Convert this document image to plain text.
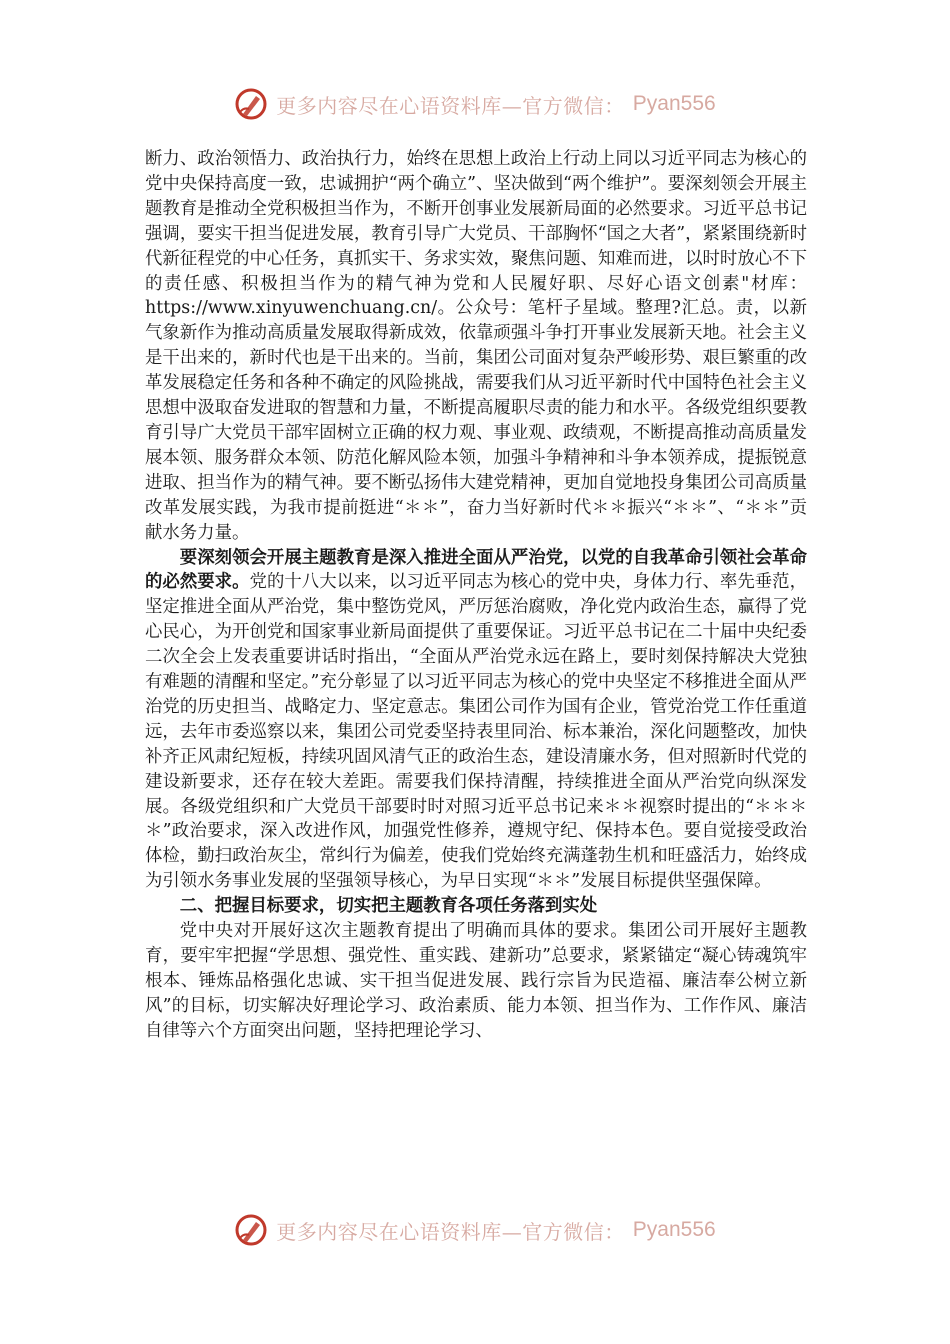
更多内容尽在心语资料库—官方微信： Pyan556

断力、政治领悟力、政治执行力，始终在思想上政治上行动上同以习近平同志为核心的党中央保持高度一致，忠诚拥护“两个确立”、坚决做到“两个维护”。要深刻领会开展主题教育是推动全党积极担当作为，不断开创事业发展新局面的必然要求。习近平总书记强调，要实干担当促进发展，教育引导广大党员、干部胸怀“国之大者”，紧紧围绕新时代新征程党的中心任务，真抓实干、务求实效，聚焦问题、知难而进，以时时放心不下的责任感、积极担当作为的精气神为党和人民履好职、尽好心语文创素"材库：https://www.xinyuwenchuang.cn/。公众号：笔杆子星域。整理?汇总。责，以新气象新作为推动高质量发展取得新成效，依靠顽强斗争打开事业发展新天地。社会主义是干出来的，新时代也是干出来的。当前，集团公司面对复杂严峻形势、艰巨繁重的改革发展稳定任务和各种不确定的风险挑战，需要我们从习近平新时代中国特色社会主义思想中汲取奋发进取的智慧和力量，不断提高履职尽责的能力和水平。各级党组织要教育引导广大党员干部牢固树立正确的权力观、事业观、政绩观，不断提高推动高质量发展本领、服务群众本领、防范化解风险本领，加强斗争精神和斗争本领养成，提振锐意进取、担当作为的精气神。要不断弘扬伟大建党精神，更加自觉地投身集团公司高质量改革发展实践，为我市提前挺进“＊＊”，奋力当好新时代＊＊振兴“＊＊”、“＊＊”贡献水务力量。

要深刻领会开展主题教育是深入推进全面从严治党，以党的自我革命引领社会革命的必然要求。党的十八大以来，以习近平同志为核心的党中央，身体力行、率先垂范，坚定推进全面从严治党，集中整饬党风，严厉惩治腐败，净化党内政治生态，赢得了党心民心，为开创党和国家事业新局面提供了重要保证。习近平总书记在二十届中央纪委二次全会上发表重要讲话时指出，“全面从严治党永远在路上，要时刻保持解决大党独有难题的清醒和坚定。”充分彰显了以习近平同志为核心的党中央坚定不移推进全面从严治党的历史担当、战略定力、坚定意志。集团公司作为国有企业，管党治党工作任重道远，去年市委巡察以来，集团公司党委坚持表里同治、标本兼治，深化问题整改，加快补齐正风肃纪短板，持续巩固风清气正的政治生态，建设清廉水务，但对照新时代党的建设新要求，还存在较大差距。需要我们保持清醒，持续推进全面从严治党向纵深发展。各级党组织和广大党员干部要时时对照习近平总书记来＊＊视察时提出的“＊＊＊＊”政治要求，深入改进作风，加强党性修养，遵规守纪、保持本色。要自觉接受政治体检，勤扫政治灰尘，常纠行为偏差，使我们党始终充满蓬勃生机和旺盛活力，始终成为引领水务事业发展的坚强领导核心，为早日实现“＊＊”发展目标提供坚强保障。

二、把握目标要求，切实把主题教育各项任务落到实处

党中央对开展好这次主题教育提出了明确而具体的要求。集团公司开展好主题教育，要牢牢把握“学思想、强党性、重实践、建新功”总要求，紧紧锚定“凝心铸魂筑牢根本、锤炼品格强化忠诚、实干担当促进发展、践行宗旨为民造福、廉洁奉公树立新风”的目标，切实解决好理论学习、政治素质、能力本领、担当作为、工作作风、廉洁自律等六个方面突出问题，坚持把理论学习、

更多内容尽在心语资料库—官方微信： Pyan556
